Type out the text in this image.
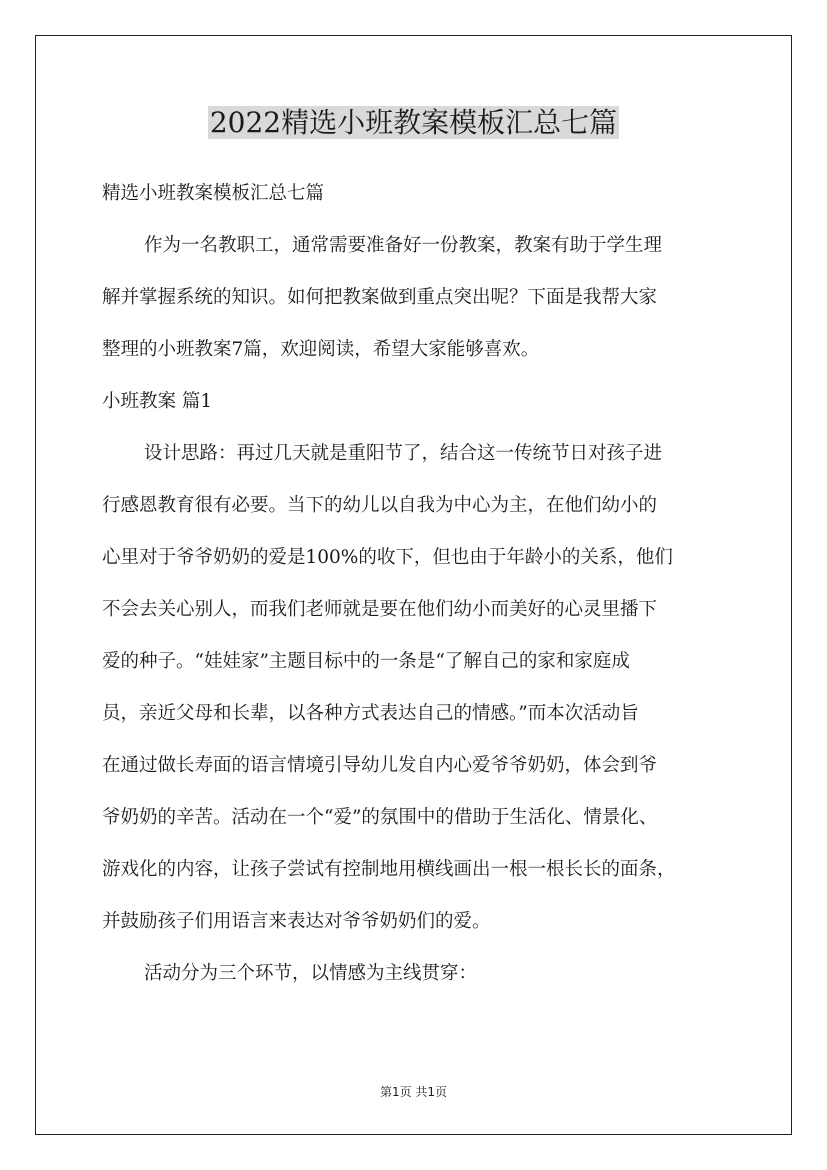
2022精选小班教案模板汇总七篇
精选小班教案模板汇总七篇
作为一名教职工，通常需要准备好一份教案，教案有助于学生理
解并掌握系统的知识。如何把教案做到重点突出呢？下面是我帮大家
整理的小班教案7篇，欢迎阅读，希望大家能够喜欢。
小班教案 篇1
设计思路：再过几天就是重阳节了，结合这一传统节日对孩子进
行感恩教育很有必要。当下的幼儿以自我为中心为主，在他们幼小的
心里对于爷爷奶奶的爱是100%的收下，但也由于年龄小的关系，他们
不会去关心别人，而我们老师就是要在他们幼小而美好的心灵里播下
爱的种子。“娃娃家”主题目标中的一条是“了解自己的家和家庭成
员，亲近父母和长辈，以各种方式表达自己的情感。”而本次活动旨
在通过做长寿面的语言情境引导幼儿发自内心爱爷爷奶奶，体会到爷
爷奶奶的辛苦。活动在一个“爱”的氛围中的借助于生活化、情景化、
游戏化的内容，让孩子尝试有控制地用横线画出一根一根长长的面条，
并鼓励孩子们用语言来表达对爷爷奶奶们的爱。
活动分为三个环节，以情感为主线贯穿：
第1页 共1页
